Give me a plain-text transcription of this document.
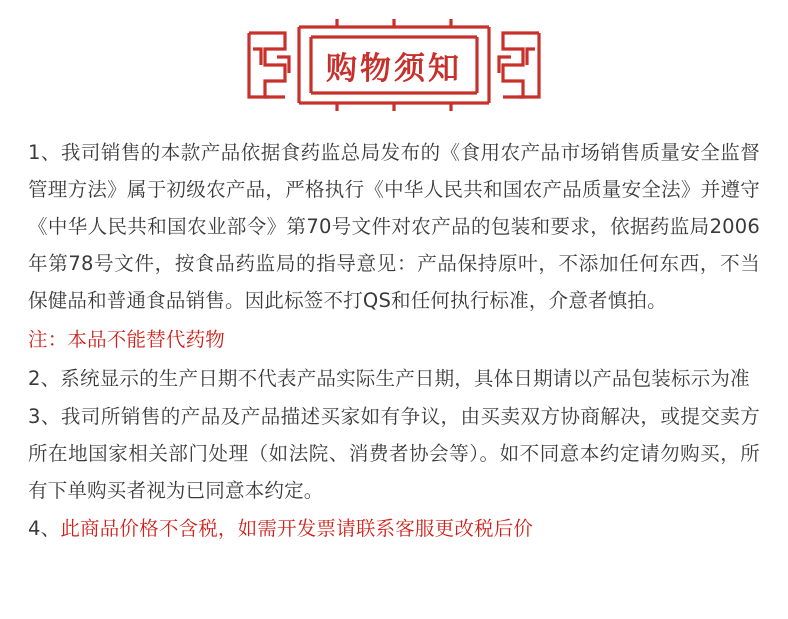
购物须知

1、我司销售的本款产品依据食药监总局发布的《食用农产品市场销售质量安全监督管理方法》属于初级农产品，严格执行《中华人民共和国农产品质量安全法》并遵守《中华人民共和国农业部令》第70号文件对农产品的包装和要求，依据药监局2006年第78号文件，按食品药监局的指导意见：产品保持原叶，不添加任何东西，不当保健品和普通食品销售。因此标签不打QS和任何执行标准，介意者慎拍。

注：本品不能替代药物

2、系统显示的生产日期不代表产品实际生产日期，具体日期请以产品包装标示为准

3、我司所销售的产品及产品描述买家如有争议，由买卖双方协商解决，或提交卖方所在地国家相关部门处理（如法院、消费者协会等）。如不同意本约定请勿购买，所有下单购买者视为已同意本约定。

4、此商品价格不含税，如需开发票请联系客服更改税后价
